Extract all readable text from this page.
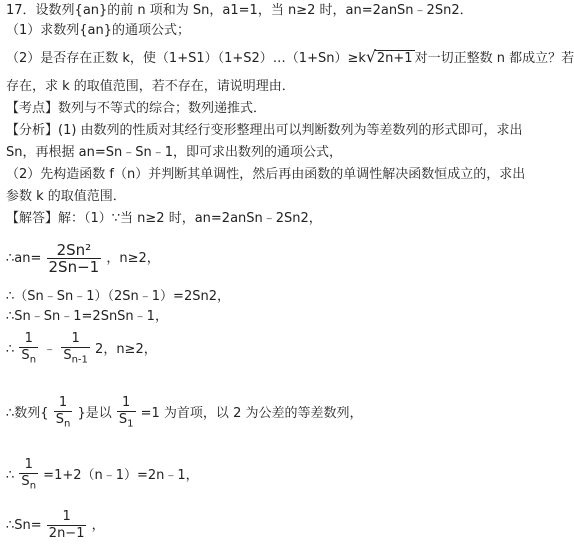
17．设数列{an}的前 n 项和为 Sn，a1=1，当 n≥2 时，an=2anSn﹣2Sn2．
（1）求数列{an}的通项公式；
（2）是否存在正数 k，使（1+S1）（1+S2）…（1+Sn）≥k √ 2n+1 对一切正整数 n 都成立？若
存在，求 k 的取值范围，若不存在，请说明理由．
【考点】数列与不等式的综合；数列递推式．
【分析】(1) 由数列的性质对其经行变形整理出可以判断数列为等差数列的形式即可，求出
Sn，再根据 an=Sn﹣Sn﹣1，即可求出数列的通项公式，
（2）先构造函数 f（n）并判断其单调性，然后再由函数的单调性解决函数恒成立的，求出
参数 k 的取值范围．
【解答】解：（1）∵当 n≥2 时，an=2anSn﹣2Sn2，
∴an= $\frac{\text{2Sn²}}{2Sn-1}$ ，n≥2，
∴（Sn﹣Sn﹣1）（2Sn﹣1）=2Sn2，
∴Sn﹣Sn﹣1=2SnSn﹣1，
∴ $\frac{1}{S_n}$ ﹣ $\frac{1}{S_{n-1}} 2$，n≥2，
∴数列{ $\frac{1}{S_n}$ }是以 $\frac{1}{S_1} =1$ 为首项，以 2 为公差的等差数列，
∴ $\frac{1}{S_n}$ =1+2（n﹣1）=2n﹣1，
∴Sn= $\frac{1}{2n-1}$ ，
